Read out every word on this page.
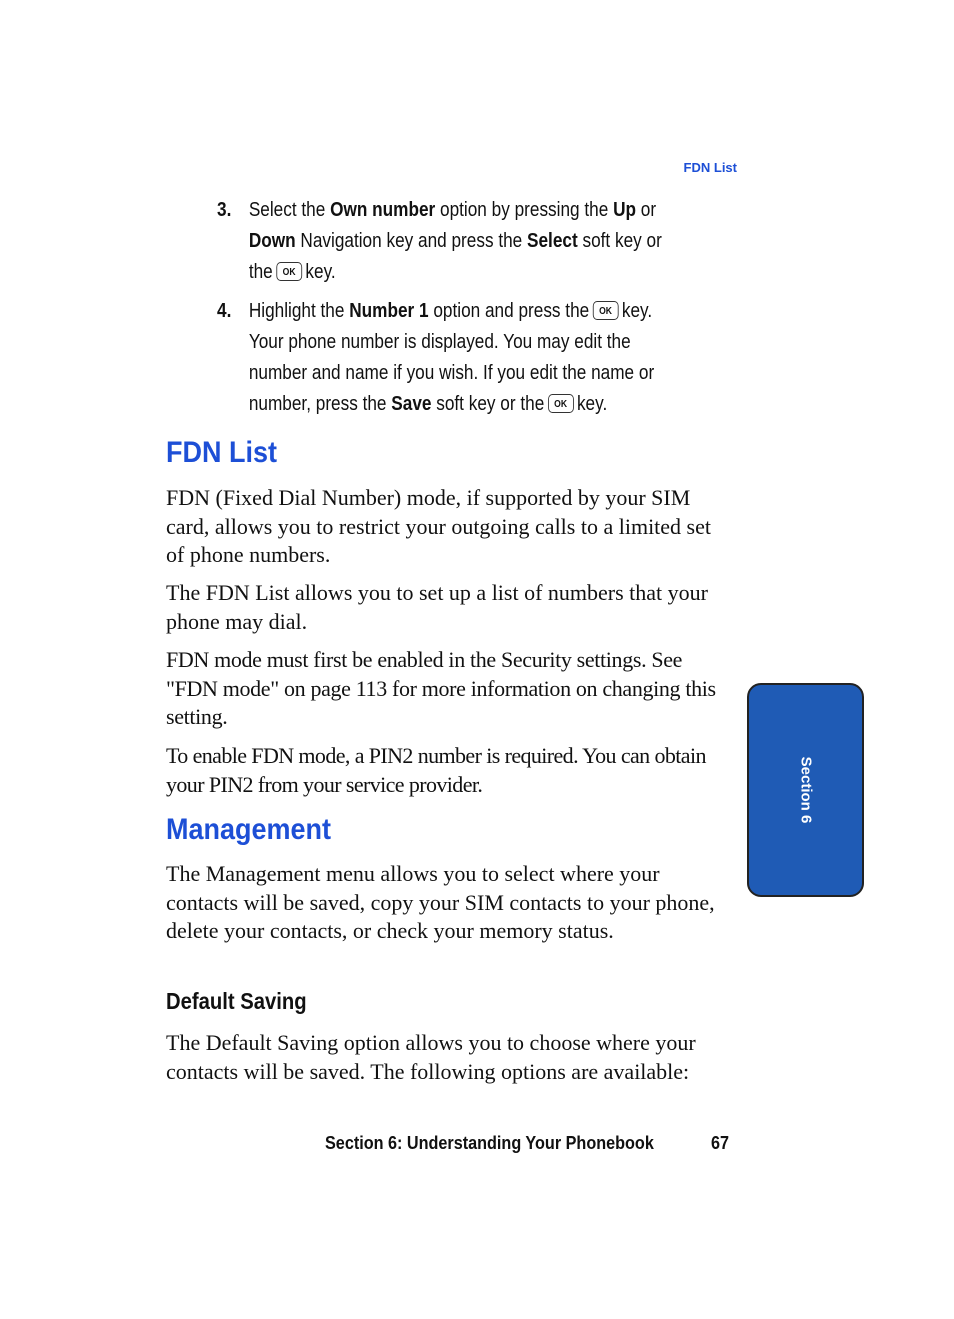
FDN List
3. Select the Own number option by pressing the Up or
Down Navigation key and press the Select soft key or
the OK key.
4. Highlight the Number 1 option and press the OK key.
Your phone number is displayed. You may edit the
number and name if you wish. If you edit the name or
number, press the Save soft key or the OK key.
FDN List

FDN (Fixed Dial Number) mode, if supported by your SIM card, allows you to restrict your outgoing calls to a limited set of phone numbers.

The FDN List allows you to set up a list of numbers that your phone may dial.

FDN mode must first be enabled in the Security settings. See "FDN mode" on page 113 for more information on changing this setting.

To enable FDN mode, a PIN2 number is required. You can obtain your PIN2 from your service provider.

Management

The Management menu allows you to select where your contacts will be saved, copy your SIM contacts to your phone, delete your contacts, or check your memory status.

Default Saving

The Default Saving option allows you to choose where your contacts will be saved. The following options are available:

Section 6
Section 6: Understanding Your Phonebook	67
